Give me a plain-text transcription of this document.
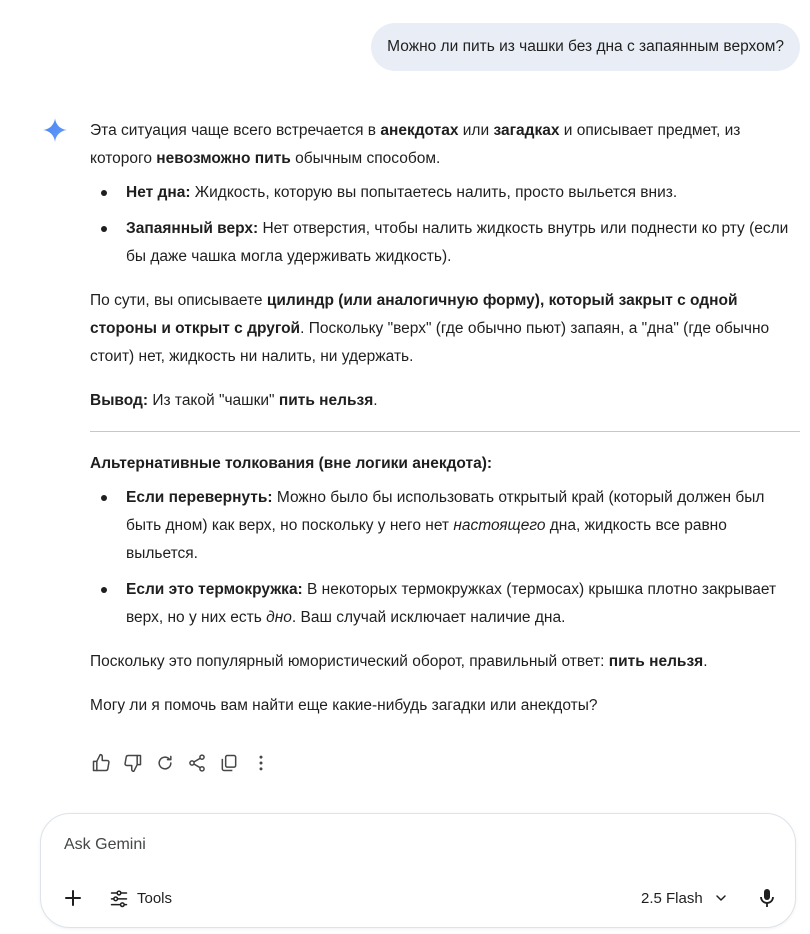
Можно ли пить из чашки без дна с запаянным верхом?

Эта ситуация чаще всего встречается в анекдотах или загадках и описывает предмет, из которого невозможно пить обычным способом.

Нет дна: Жидкость, которую вы попытаетесь налить, просто выльется вниз.
Запаянный верх: Нет отверстия, чтобы налить жидкость внутрь или поднести ко рту (если бы даже чашка могла удерживать жидкость).

По сути, вы описываете цилиндр (или аналогичную форму), который закрыт с одной стороны и открыт с другой. Поскольку "верх" (где обычно пьют) запаян, а "дна" (где обычно стоит) нет, жидкость ни налить, ни удержать.

Вывод: Из такой "чашки" пить нельзя.

Альтернативные толкования (вне логики анекдота):

Если перевернуть: Можно было бы использовать открытый край (который должен был быть дном) как верх, но поскольку у него нет настоящего дна, жидкость все равно выльется.
Если это термокружка: В некоторых термокружках (термосах) крышка плотно закрывает верх, но у них есть дно. Ваш случай исключает наличие дна.

Поскольку это популярный юмористический оборот, правильный ответ: пить нельзя.

Могу ли я помочь вам найти еще какие-нибудь загадки или анекдоты?

Ask Gemini
Tools	2.5 Flash
